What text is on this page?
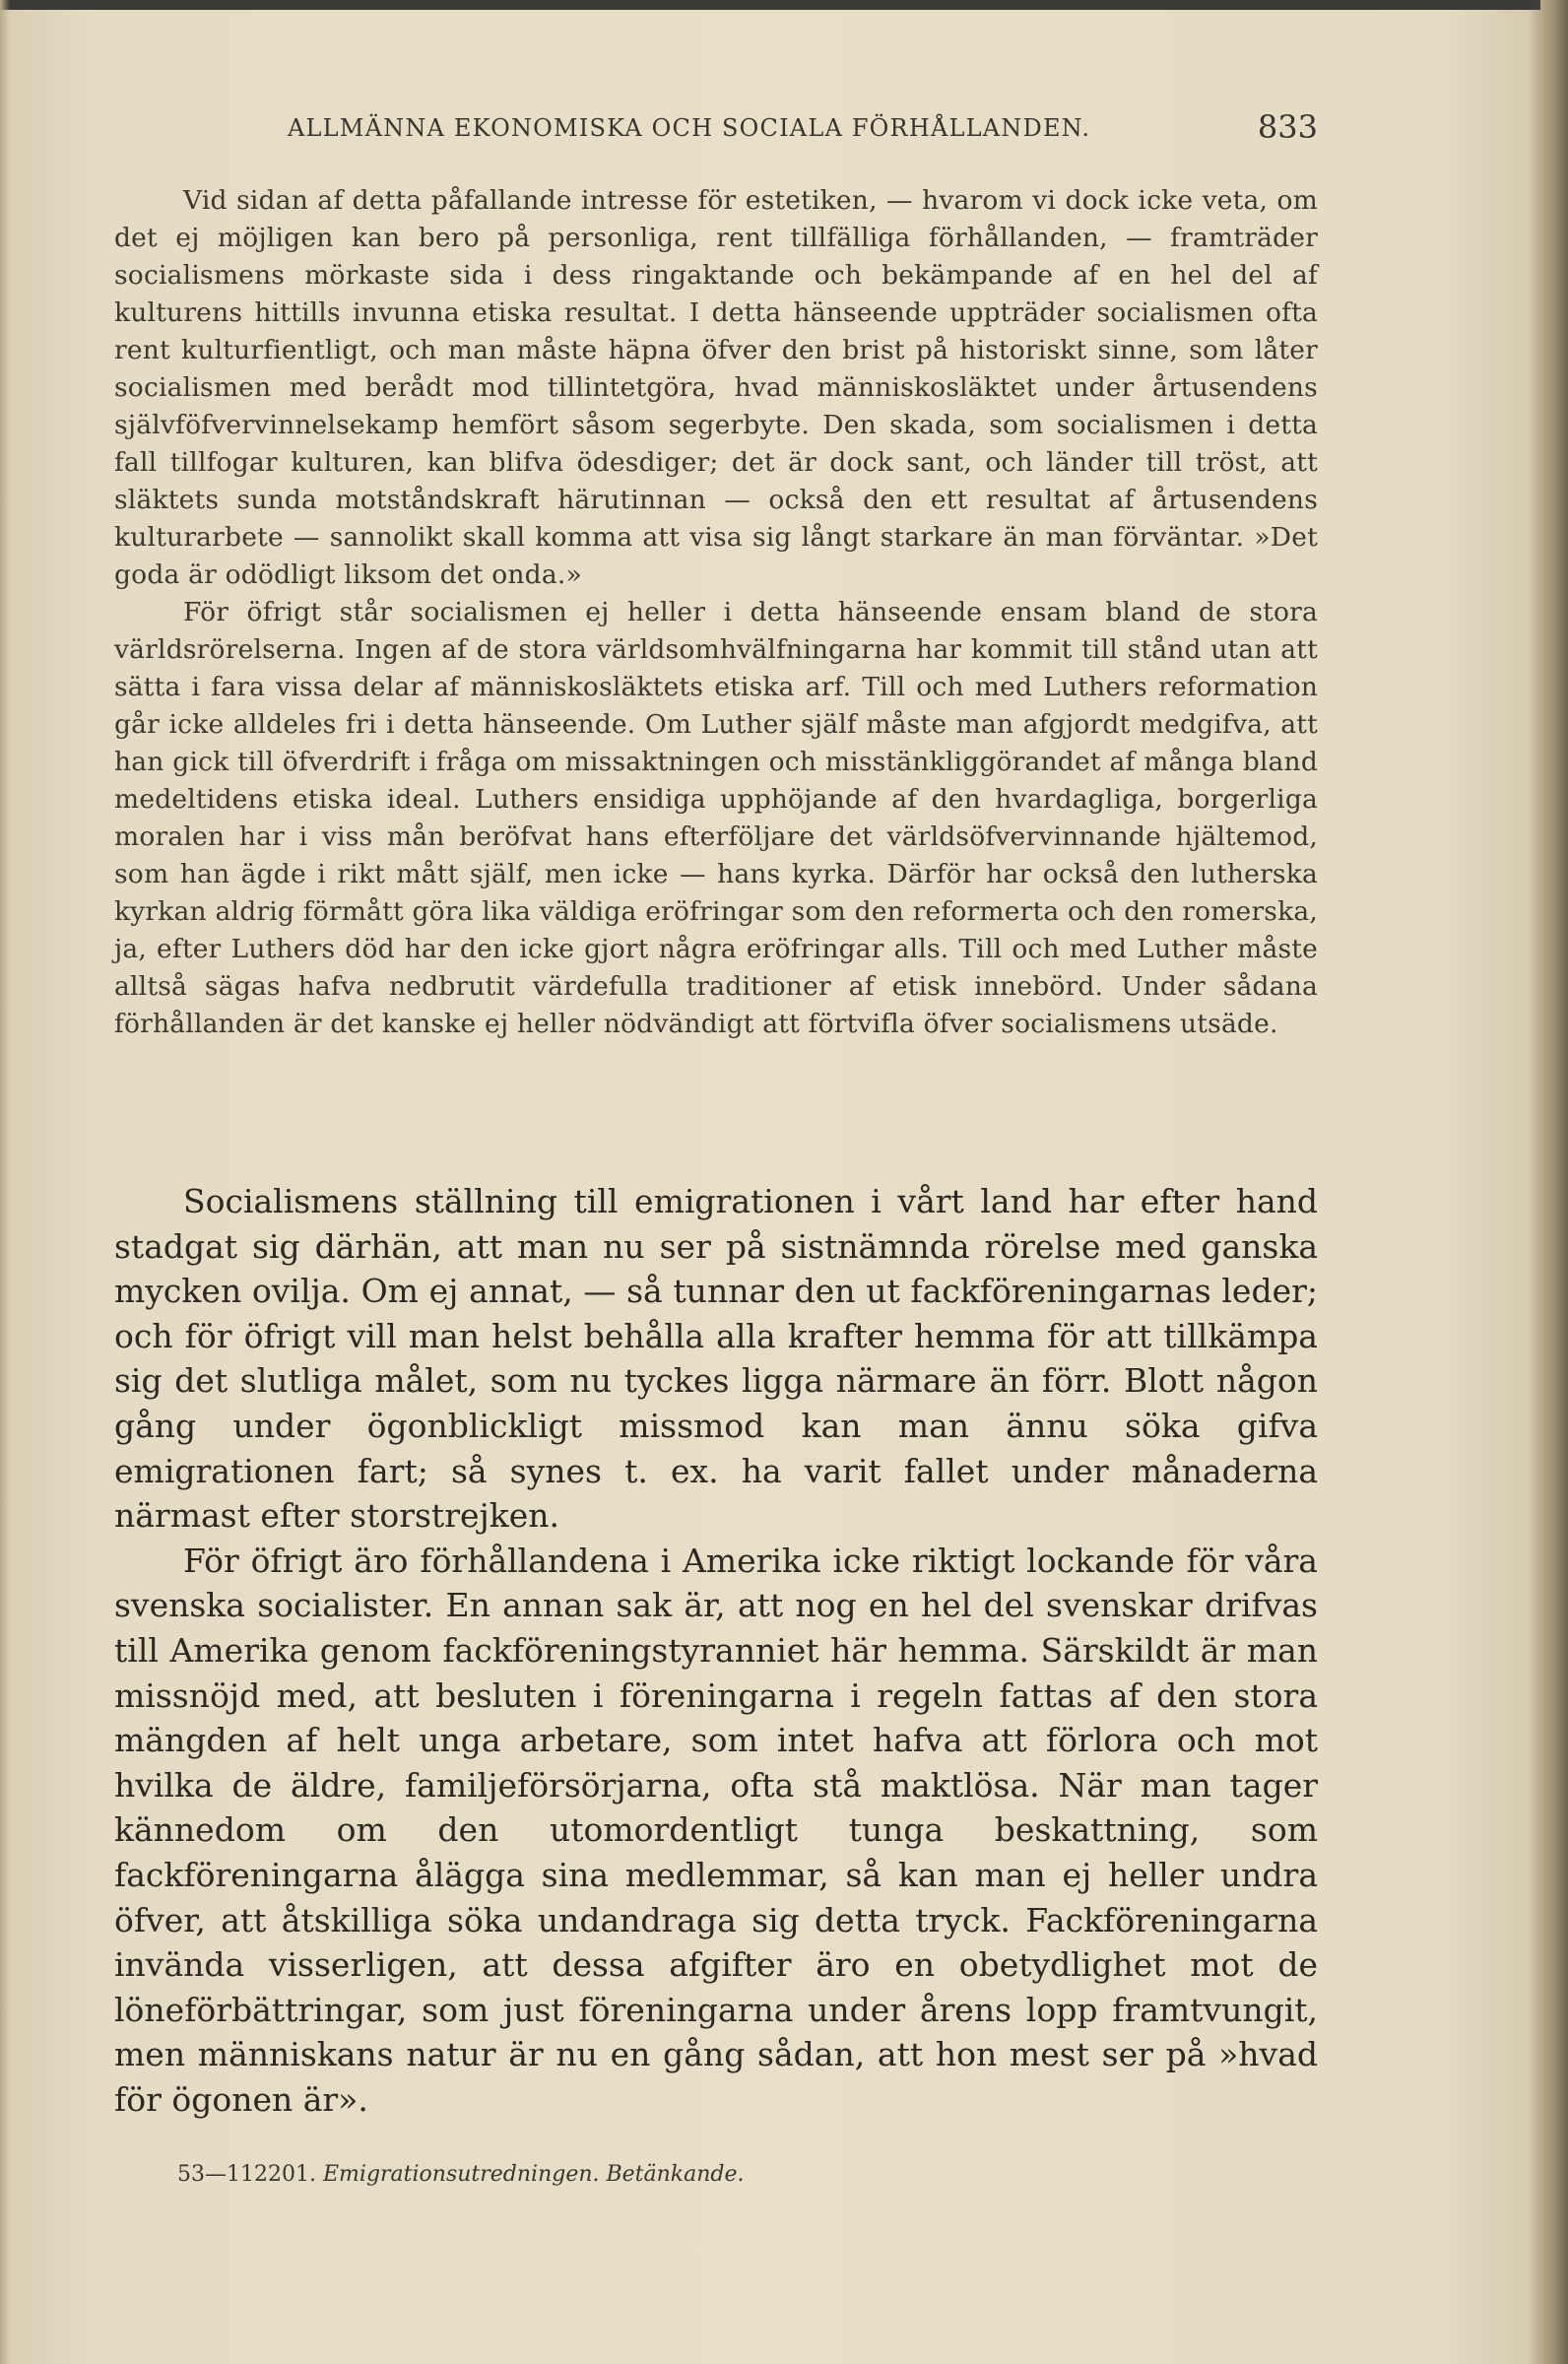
ALLMÄNNA EKONOMISKA OCH SOCIALA FÖRHÅLLANDEN.	833

Vid sidan af detta påfallande intresse för estetiken, — hvarom vi dock icke veta, om det ej möjligen kan bero på personliga, rent tillfälliga förhållanden, — framträder socialismens mörkaste sida i dess ringaktande och bekämpande af en hel del af kulturens hittills invunna etiska resultat. I detta hänseende uppträder socialismen ofta rent kulturfientligt, och man måste häpna öfver den brist på historiskt sinne, som låter socialismen med berådt mod tillintetgöra, hvad människosläktet under årtusendens självföfvervinnelsekamp hemfört såsom segerbyte. Den skada, som socialismen i detta fall tillfogar kulturen, kan blifva ödesdiger; det är dock sant, och länder till tröst, att släktets sunda motståndskraft härutinnan — också den ett resultat af årtusendens kulturarbete — sannolikt skall komma att visa sig långt starkare än man förväntar. »Det goda är odödligt liksom det onda.»

För öfrigt står socialismen ej heller i detta hänseende ensam bland de stora världsrörelserna. Ingen af de stora världsomhvälfningarna har kommit till stånd utan att sätta i fara vissa delar af människosläktets etiska arf. Till och med Luthers reformation går icke alldeles fri i detta hänseende. Om Luther själf måste man afgjordt medgifva, att han gick till öfverdrift i fråga om missaktningen och misstänkliggörandet af många bland medeltidens etiska ideal. Luthers ensidiga upphöjande af den hvardagliga, borgerliga moralen har i viss mån beröfvat hans efterföljare det världsöfvervinnande hjältemod, som han ägde i rikt mått själf, men icke — hans kyrka. Därför har också den lutherska kyrkan aldrig förmått göra lika väldiga eröfringar som den reformerta och den romerska, ja, efter Luthers död har den icke gjort några eröfringar alls. Till och med Luther måste alltså sägas hafva nedbrutit värdefulla traditioner af etisk innebörd. Under sådana förhållanden är det kanske ej heller nödvändigt att förtvifla öfver socialismens utsäde.

Socialismens ställning till emigrationen i vårt land har efter hand stadgat sig därhän, att man nu ser på sistnämnda rörelse med ganska mycken ovilja. Om ej annat, — så tunnar den ut fackföreningarnas leder; och för öfrigt vill man helst behålla alla krafter hemma för att tillkämpa sig det slutliga målet, som nu tyckes ligga närmare än förr. Blott någon gång under ögonblickligt missmod kan man ännu söka gifva emigrationen fart; så synes t. ex. ha varit fallet under månaderna närmast efter storstrejken.

För öfrigt äro förhållandena i Amerika icke riktigt lockande för våra svenska socialister. En annan sak är, att nog en hel del svenskar drifvas till Amerika genom fackföreningstyranniet här hemma. Särskildt är man missnöjd med, att besluten i föreningarna i regeln fattas af den stora mängden af helt unga arbetare, som intet hafva att förlora och mot hvilka de äldre, familjeförsörjarna, ofta stå maktlösa. När man tager kännedom om den utomordentligt tunga beskattning, som fackföreningarna ålägga sina medlemmar, så kan man ej heller undra öfver, att åtskilliga söka undandraga sig detta tryck. Fackföreningarna invända visserligen, att dessa afgifter äro en obetydlighet mot de löneförbättringar, som just föreningarna under årens lopp framtvungit, men människans natur är nu en gång sådan, att hon mest ser på »hvad för ögonen är».

53—112201. Emigrationsutredningen. Betänkande.
